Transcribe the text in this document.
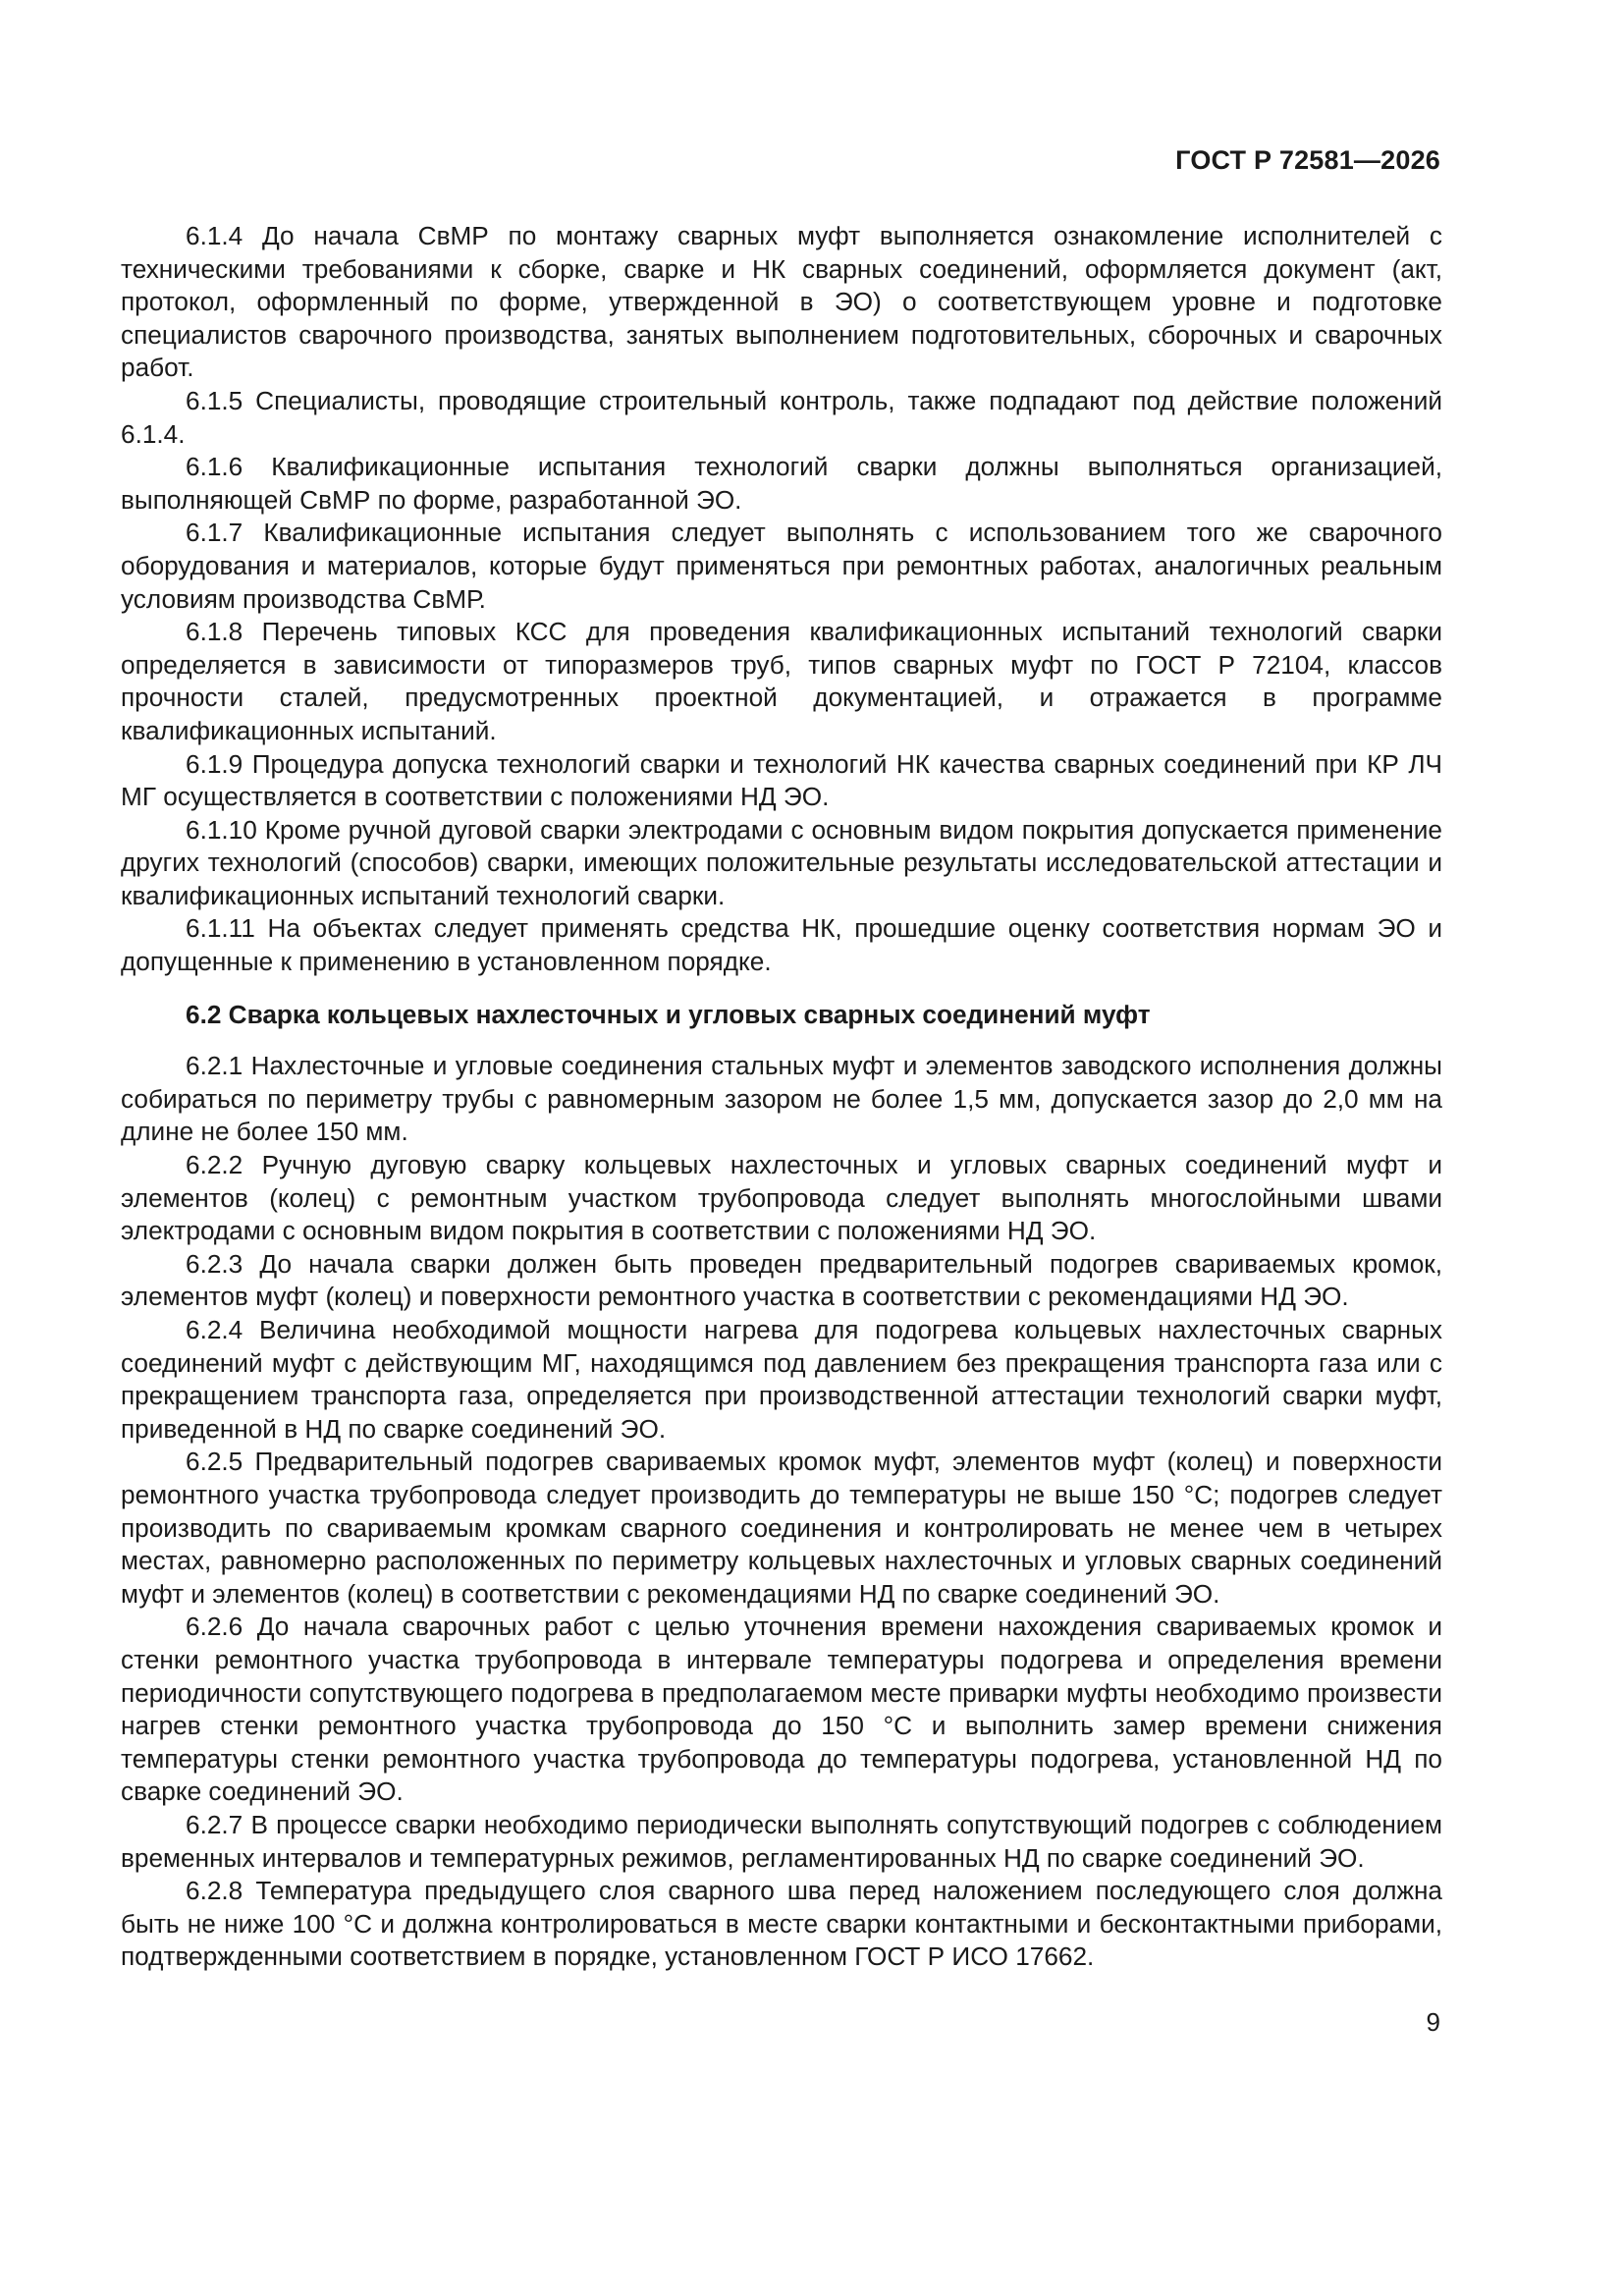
ГОСТ Р 72581—2026

6.1.4 До начала СвМР по монтажу сварных муфт выполняется ознакомление исполнителей с техническими требованиями к сборке, сварке и НК сварных соединений, оформляется документ (акт, протокол, оформленный по форме, утвержденной в ЭО) о соответствующем уровне и подготовке специалистов сварочного производства, занятых выполнением подготовительных, сборочных и сварочных работ.

6.1.5 Специалисты, проводящие строительный контроль, также подпадают под действие положений 6.1.4.

6.1.6 Квалификационные испытания технологий сварки должны выполняться организацией, выполняющей СвМР по форме, разработанной ЭО.

6.1.7 Квалификационные испытания следует выполнять с использованием того же сварочного оборудования и материалов, которые будут применяться при ремонтных работах, аналогичных реальным условиям производства СвМР.

6.1.8 Перечень типовых КСС для проведения квалификационных испытаний технологий сварки определяется в зависимости от типоразмеров труб, типов сварных муфт по ГОСТ Р 72104, классов прочности сталей, предусмотренных проектной документацией, и отражается в программе квалификационных испытаний.

6.1.9 Процедура допуска технологий сварки и технологий НК качества сварных соединений при КР ЛЧ МГ осуществляется в соответствии с положениями НД ЭО.

6.1.10 Кроме ручной дуговой сварки электродами с основным видом покрытия допускается применение других технологий (способов) сварки, имеющих положительные результаты исследовательской аттестации и квалификационных испытаний технологий сварки.

6.1.11 На объектах следует применять средства НК, прошедшие оценку соответствия нормам ЭО и допущенные к применению в установленном порядке.

6.2 Сварка кольцевых нахлесточных и угловых сварных соединений муфт

6.2.1 Нахлесточные и угловые соединения стальных муфт и элементов заводского исполнения должны собираться по периметру трубы с равномерным зазором не более 1,5 мм, допускается зазор до 2,0 мм на длине не более 150 мм.

6.2.2 Ручную дуговую сварку кольцевых нахлесточных и угловых сварных соединений муфт и элементов (колец) с ремонтным участком трубопровода следует выполнять многослойными швами электродами с основным видом покрытия в соответствии с положениями НД ЭО.

6.2.3 До начала сварки должен быть проведен предварительный подогрев свариваемых кромок, элементов муфт (колец) и поверхности ремонтного участка в соответствии с рекомендациями НД ЭО.

6.2.4 Величина необходимой мощности нагрева для подогрева кольцевых нахлесточных сварных соединений муфт с действующим МГ, находящимся под давлением без прекращения транспорта газа или с прекращением транспорта газа, определяется при производственной аттестации технологий сварки муфт, приведенной в НД по сварке соединений ЭО.

6.2.5 Предварительный подогрев свариваемых кромок муфт, элементов муфт (колец) и поверхности ремонтного участка трубопровода следует производить до температуры не выше 150 °С; подогрев следует производить по свариваемым кромкам сварного соединения и контролировать не менее чем в четырех местах, равномерно расположенных по периметру кольцевых нахлесточных и угловых сварных соединений муфт и элементов (колец) в соответствии с рекомендациями НД по сварке соединений ЭО.

6.2.6 До начала сварочных работ с целью уточнения времени нахождения свариваемых кромок и стенки ремонтного участка трубопровода в интервале температуры подогрева и определения времени периодичности сопутствующего подогрева в предполагаемом месте приварки муфты необходимо произвести нагрев стенки ремонтного участка трубопровода до 150 °С и выполнить замер времени снижения температуры стенки ремонтного участка трубопровода до температуры подогрева, установленной НД по сварке соединений ЭО.

6.2.7 В процессе сварки необходимо периодически выполнять сопутствующий подогрев с соблюдением временных интервалов и температурных режимов, регламентированных НД по сварке соединений ЭО.

6.2.8 Температура предыдущего слоя сварного шва перед наложением последующего слоя должна быть не ниже 100 °С и должна контролироваться в месте сварки контактными и бесконтактными приборами, подтвержденными соответствием в порядке, установленном ГОСТ Р ИСО 17662.

9
